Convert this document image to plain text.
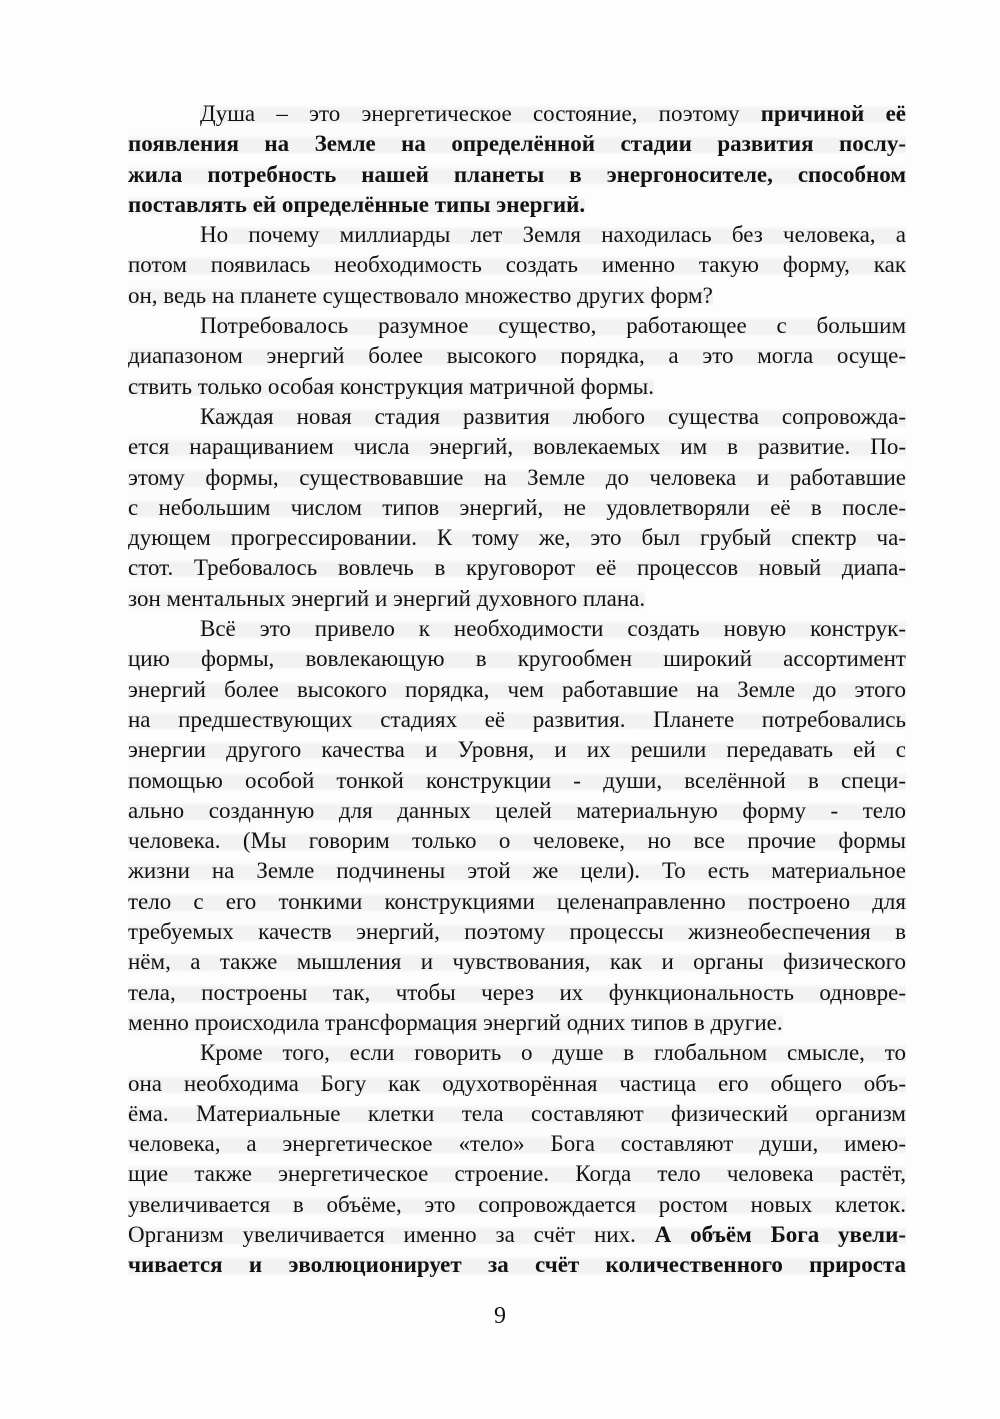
Душа – это энергетическое состояние, поэтому причиной её
появления на Земле на определённой стадии развития послу-
жила потребность нашей планеты в энергоносителе, способном
поставлять ей определённые типы энергий.
Но почему миллиарды лет Земля находилась без человека, а
потом появилась необходимость создать именно такую форму, как
он, ведь на планете существовало множество других форм?
Потребовалось разумное существо, работающее с большим
диапазоном энергий более высокого порядка, а это могла осуще-
ствить только особая конструкция матричной формы.
Каждая новая стадия развития любого существа сопровожда-
ется наращиванием числа энергий, вовлекаемых им в развитие. По-
этому формы, существовавшие на Земле до человека и работавшие
с небольшим числом типов энергий, не удовлетворяли её в после-
дующем прогрессировании. К тому же, это был грубый спектр ча-
стот. Требовалось вовлечь в круговорот её процессов новый диапа-
зон ментальных энергий и энергий духовного плана.
Всё это привело к необходимости создать новую конструк-
цию формы, вовлекающую в кругообмен широкий ассортимент
энергий более высокого порядка, чем работавшие на Земле до этого
на предшествующих стадиях её развития. Планете потребовались
энергии другого качества и Уровня, и их решили передавать ей с
помощью особой тонкой конструкции - души, вселённой в специ-
ально созданную для данных целей материальную форму - тело
человека. (Мы говорим только о человеке, но все прочие формы
жизни на Земле подчинены этой же цели). То есть материальное
тело с его тонкими конструкциями целенаправленно построено для
требуемых качеств энергий, поэтому процессы жизнеобеспечения в
нём, а также мышления и чувствования, как и органы физического
тела, построены так, чтобы через их функциональность одновре-
менно происходила трансформация энергий одних типов в другие.
Кроме того, если говорить о душе в глобальном смысле, то
она необходима Богу как одухотворённая частица его общего объ-
ёма. Материальные клетки тела составляют физический организм
человека, а энергетическое «тело» Бога составляют души, имею-
щие также энергетическое строение. Когда тело человека растёт,
увеличивается в объёме, это сопровождается ростом новых клеток.
Организм увеличивается именно за счёт них. А объём Бога увели-
чивается и эволюционирует за счёт количественного прироста
9
